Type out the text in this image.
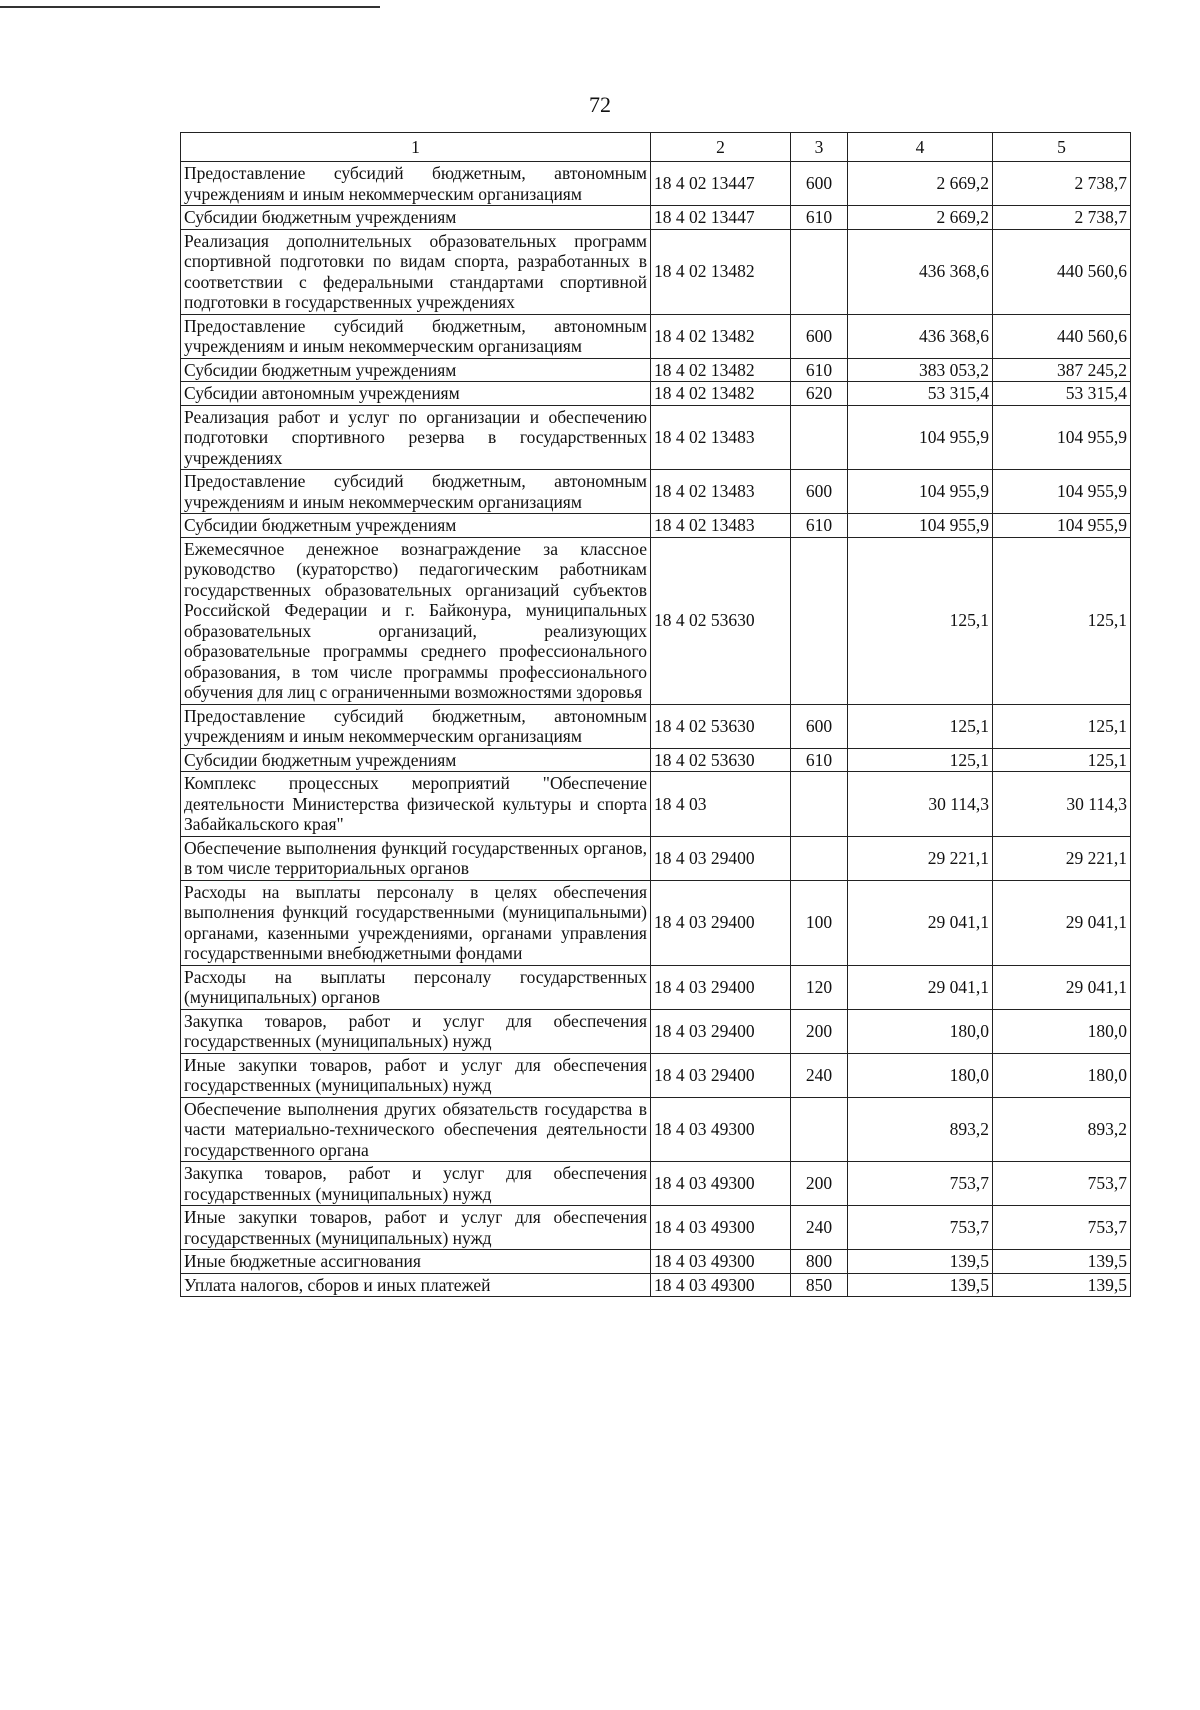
72
1	2	3	4	5
Предоставление субсидий бюджетным, автономным учреждениям и иным некоммерческим организациям	18 4 02 13447	600	2 669,2	2 738,7
Субсидии бюджетным учреждениям	18 4 02 13447	610	2 669,2	2 738,7
Реализация дополнительных образовательных программ спортивной подготовки по видам спорта, разработанных в соответствии с федеральными стандартами спортивной подготовки в государственных учреждениях	18 4 02 13482		436 368,6	440 560,6
Предоставление субсидий бюджетным, автономным учреждениям и иным некоммерческим организациям	18 4 02 13482	600	436 368,6	440 560,6
Субсидии бюджетным учреждениям	18 4 02 13482	610	383 053,2	387 245,2
Субсидии автономным учреждениям	18 4 02 13482	620	53 315,4	53 315,4
Реализация работ и услуг по организации и обеспечению подготовки спортивного резерва в государственных учреждениях	18 4 02 13483		104 955,9	104 955,9
Предоставление субсидий бюджетным, автономным учреждениям и иным некоммерческим организациям	18 4 02 13483	600	104 955,9	104 955,9
Субсидии бюджетным учреждениям	18 4 02 13483	610	104 955,9	104 955,9
Ежемесячное денежное вознаграждение за классное руководство (кураторство) педагогическим работникам государственных образовательных организаций субъектов Российской Федерации и г. Байконура, муниципальных образовательных организаций, реализующих образовательные программы среднего профессионального образования, в том числе программы профессионального обучения для лиц с ограниченными возможностями здоровья	18 4 02 53630		125,1	125,1
Предоставление субсидий бюджетным, автономным учреждениям и иным некоммерческим организациям	18 4 02 53630	600	125,1	125,1
Субсидии бюджетным учреждениям	18 4 02 53630	610	125,1	125,1
Комплекс процессных мероприятий "Обеспечение деятельности Министерства физической культуры и спорта Забайкальского края"	18 4 03		30 114,3	30 114,3
Обеспечение выполнения функций государственных органов, в том числе территориальных органов	18 4 03 29400		29 221,1	29 221,1
Расходы на выплаты персоналу в целях обеспечения выполнения функций государственными (муниципальными) органами, казенными учреждениями, органами управления государственными внебюджетными фондами	18 4 03 29400	100	29 041,1	29 041,1
Расходы на выплаты персоналу государственных (муниципальных) органов	18 4 03 29400	120	29 041,1	29 041,1
Закупка товаров, работ и услуг для обеспечения государственных (муниципальных) нужд	18 4 03 29400	200	180,0	180,0
Иные закупки товаров, работ и услуг для обеспечения государственных (муниципальных) нужд	18 4 03 29400	240	180,0	180,0
Обеспечение выполнения других обязательств государства в части материально-технического обеспечения деятельности государственного органа	18 4 03 49300		893,2	893,2
Закупка товаров, работ и услуг для обеспечения государственных (муниципальных) нужд	18 4 03 49300	200	753,7	753,7
Иные закупки товаров, работ и услуг для обеспечения государственных (муниципальных) нужд	18 4 03 49300	240	753,7	753,7
Иные бюджетные ассигнования	18 4 03 49300	800	139,5	139,5
Уплата налогов, сборов и иных платежей	18 4 03 49300	850	139,5	139,5
